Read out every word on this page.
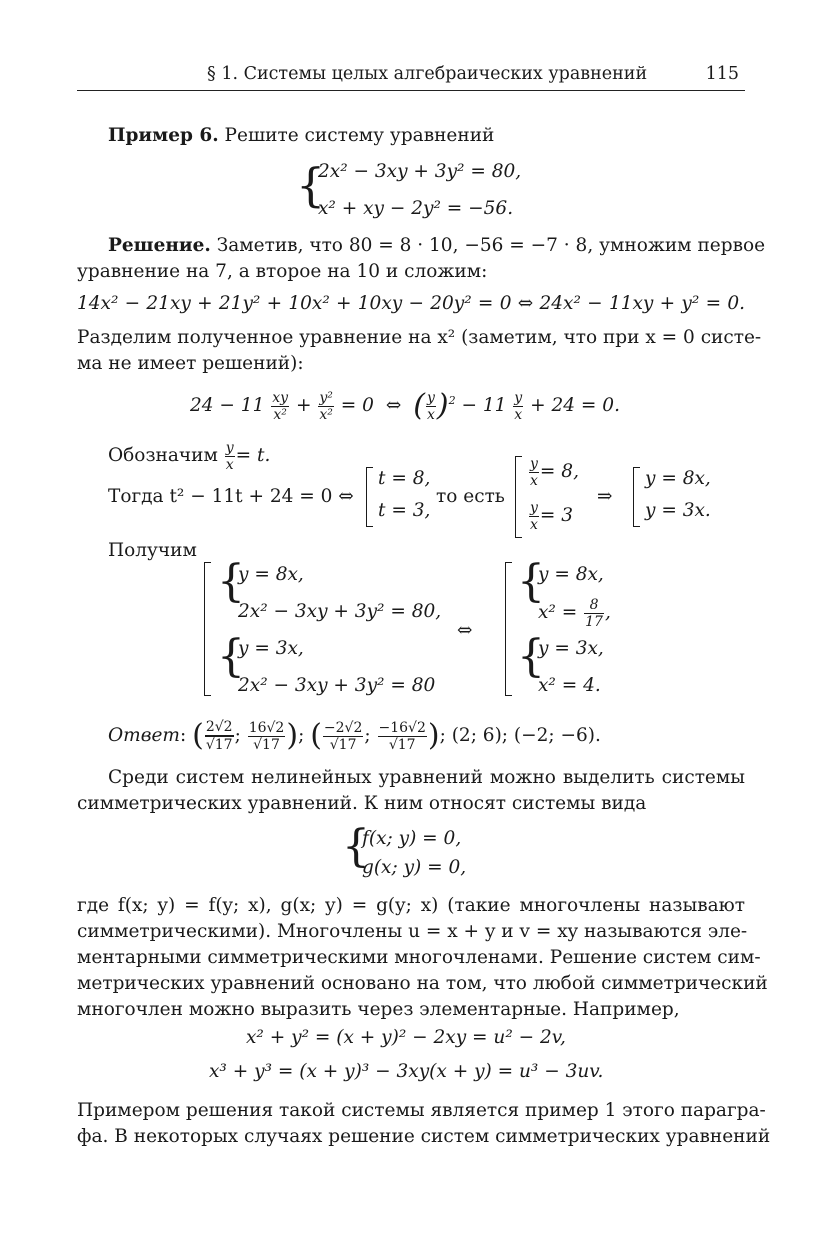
§ 1. Системы целых алгебраических уравнений	115
Пример 6. Решите систему уравнений
{
2x² − 3xy + 3y² = 80,
x² + xy − 2y² = −56.
Решение. Заметив, что 80 = 8 · 10, −56 = −7 · 8, умножим первое
уравнение на 7, а второе на 10 и сложим:
14x² − 21xy + 21y² + 10x² + 10xy − 20y² = 0 ⇔ 24x² − 11xy + y² = 0.
Разделим полученное уравнение на x² (заметим, что при x = 0 систе-
ма не имеет решений):
$24 - 11 \frac{xy}{\text{x²}} + \frac{\text{y²}}{\text{x²}} = 0$ ⇔ ( $\frac{y}{x} )^2 - 11 \frac{y}{x} + 24 = 0$.
Обозначим $\frac{y}{x} = t$.
Тогда t² − 11t + 24 = 0 ⇔
t = 8,
t = 3,
то есть
$\frac{y}{x} = 8$,
$\frac{y}{x} = 3$
⇒
y = 8x,
y = 3x.
Получим
{
{
y = 8x,
2x² − 3xy + 3y² = 80,
y = 3x,
2x² − 3xy + 3y² = 80
⇔
{
{
y = 8x,
$x^2 = \frac{8}{17}$ ,
y = 3x,
x² = 4.
Ответ: ( $\frac{2√2}{√17}$ ; $\frac{16√2}{√17}$ ); ( $\frac{-2√2}{√17}$ ; $\frac{-16√2}{√17}$ ); (2; 6); (−2; −6).
Среди систем нелинейных уравнений можно выделить системы
симметрических уравнений. К ним относят системы вида
{
f(x; y) = 0,
g(x; y) = 0,
где f(x; y) = f(y; x), g(x; y) = g(y; x) (такие многочлены называют
симметрическими). Многочлены u = x + y и v = xy называются эле-
ментарными симметрическими многочленами. Решение систем сим-
метрических уравнений основано на том, что любой симметрический
многочлен можно выразить через элементарные. Например,
x² + y² = (x + y)² − 2xy = u² − 2v,
x³ + y³ = (x + y)³ − 3xy(x + y) = u³ − 3uv.
Примером решения такой системы является пример 1 этого парагра-
фа. В некоторых случаях решение систем симметрических уравнений
